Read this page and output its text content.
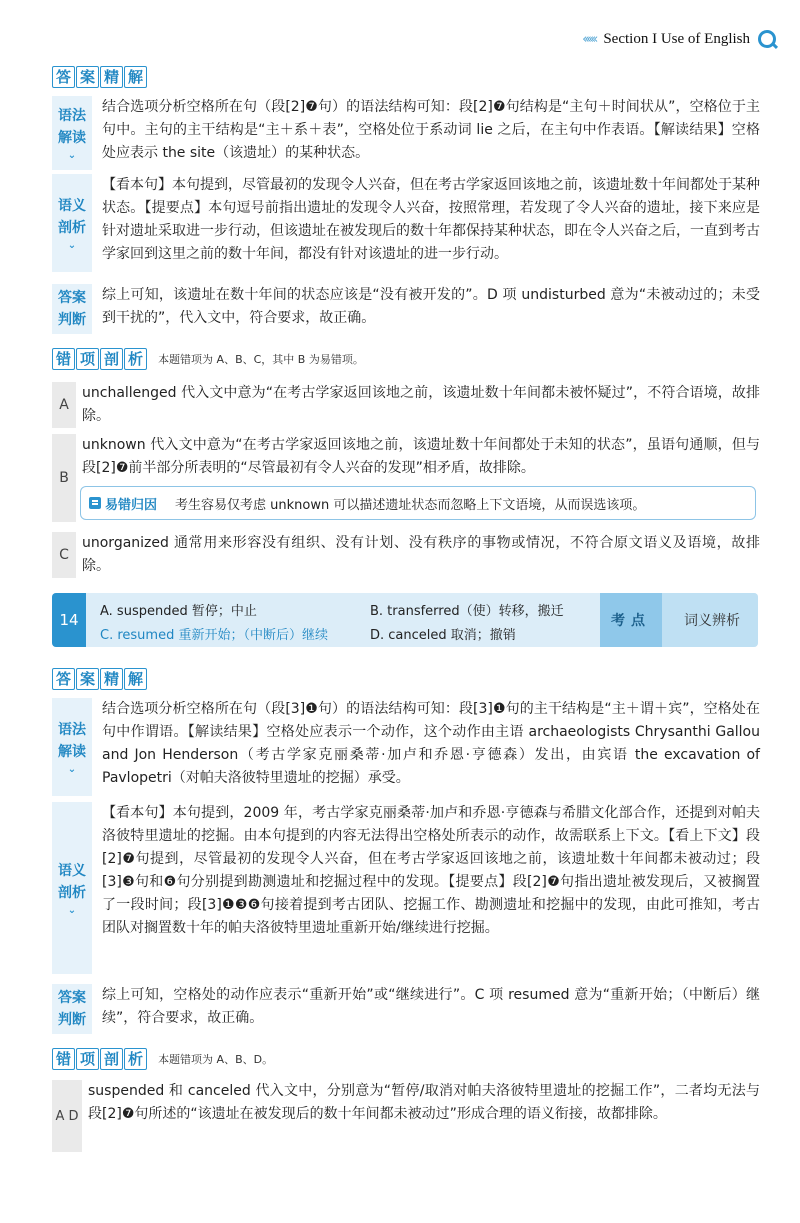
‹‹‹‹‹‹ Section I Use of English
答 案 精 解
语法
解读
⌄
结合选项分析空格所在句（段[2]❼句）的语法结构可知：段[2]❼句结构是“主句＋时间状从”，空格位于主句中。主句的主干结构是“主＋系＋表”，空格处位于系动词 lie 之后，在主句中作表语。【解读结果】空格处应表示 the site（该遗址）的某种状态。
语义
剖析
⌄
【看本句】本句提到，尽管最初的发现令人兴奋，但在考古学家返回该地之前，该遗址数十年间都处于某种状态。【提要点】本句逗号前指出遗址的发现令人兴奋，按照常理，若发现了令人兴奋的遗址，接下来应是针对遗址采取进一步行动，但该遗址在被发现后的数十年都保持某种状态，即在令人兴奋之后，一直到考古学家回到这里之前的数十年间，都没有针对该遗址的进一步行动。
答案
判断
综上可知，该遗址在数十年间的状态应该是“没有被开发的”。D 项 undisturbed 意为“未被动过的；未受到干扰的”，代入文中，符合要求，故正确。
错 项 剖 析	本题错项为 A、B、C，其中 B 为易错项。
A
unchallenged 代入文中意为“在考古学家返回该地之前，该遗址数十年间都未被怀疑过”，不符合语境，故排除。
B
unknown 代入文中意为“在考古学家返回该地之前，该遗址数十年间都处于未知的状态”，虽语句通顺，但与段[2]❼前半部分所表明的“尽管最初有令人兴奋的发现”相矛盾，故排除。
易错归因 考生容易仅考虑 unknown 可以描述遗址状态而忽略上下文语境，从而误选该项。
C
unorganized 通常用来形容没有组织、没有计划、没有秩序的事物或情况，不符合原文语义及语境，故排除。
14	A. suspended 暂停；中止	B. transferred（使）转移，搬迁
C. resumed 重新开始；（中断后）继续	D. canceled 取消；撤销
考点	词义辨析
答 案 精 解
语法
解读
⌄
结合选项分析空格所在句（段[3]❶句）的语法结构可知：段[3]❶句的主干结构是“主＋谓＋宾”，空格处在句中作谓语。【解读结果】空格处应表示一个动作，这个动作由主语 archaeologists Chrysanthi Gallou and Jon Henderson（考古学家克丽桑蒂·加卢和乔恩·亨德森）发出，由宾语 the excavation of Pavlopetri（对帕夫洛彼特里遗址的挖掘）承受。
语义
剖析
⌄
【看本句】本句提到，2009 年，考古学家克丽桑蒂·加卢和乔恩·亨德森与希腊文化部合作，还提到对帕夫洛彼特里遗址的挖掘。由本句提到的内容无法得出空格处所表示的动作，故需联系上下文。【看上下文】段[2]❼句提到，尽管最初的发现令人兴奋，但在考古学家返回该地之前，该遗址数十年间都未被动过；段[3]❸句和❻句分别提到勘测遗址和挖掘过程中的发现。【提要点】段[2]❼句指出遗址被发现后，又被搁置了一段时间；段[3]❶❸❻句接着提到考古团队、挖掘工作、勘测遗址和挖掘中的发现，由此可推知，考古团队对搁置数十年的帕夫洛彼特里遗址重新开始/继续进行挖掘。
答案
判断
综上可知，空格处的动作应表示“重新开始”或“继续进行”。C 项 resumed 意为“重新开始；（中断后）继续”，符合要求，故正确。
错 项 剖 析	本题错项为 A、B、D。
A D
suspended 和 canceled 代入文中，分别意为“暂停/取消对帕夫洛彼特里遗址的挖掘工作”，二者均无法与段[2]❼句所述的“该遗址在被发现后的数十年间都未被动过”形成合理的语义衔接，故都排除。
